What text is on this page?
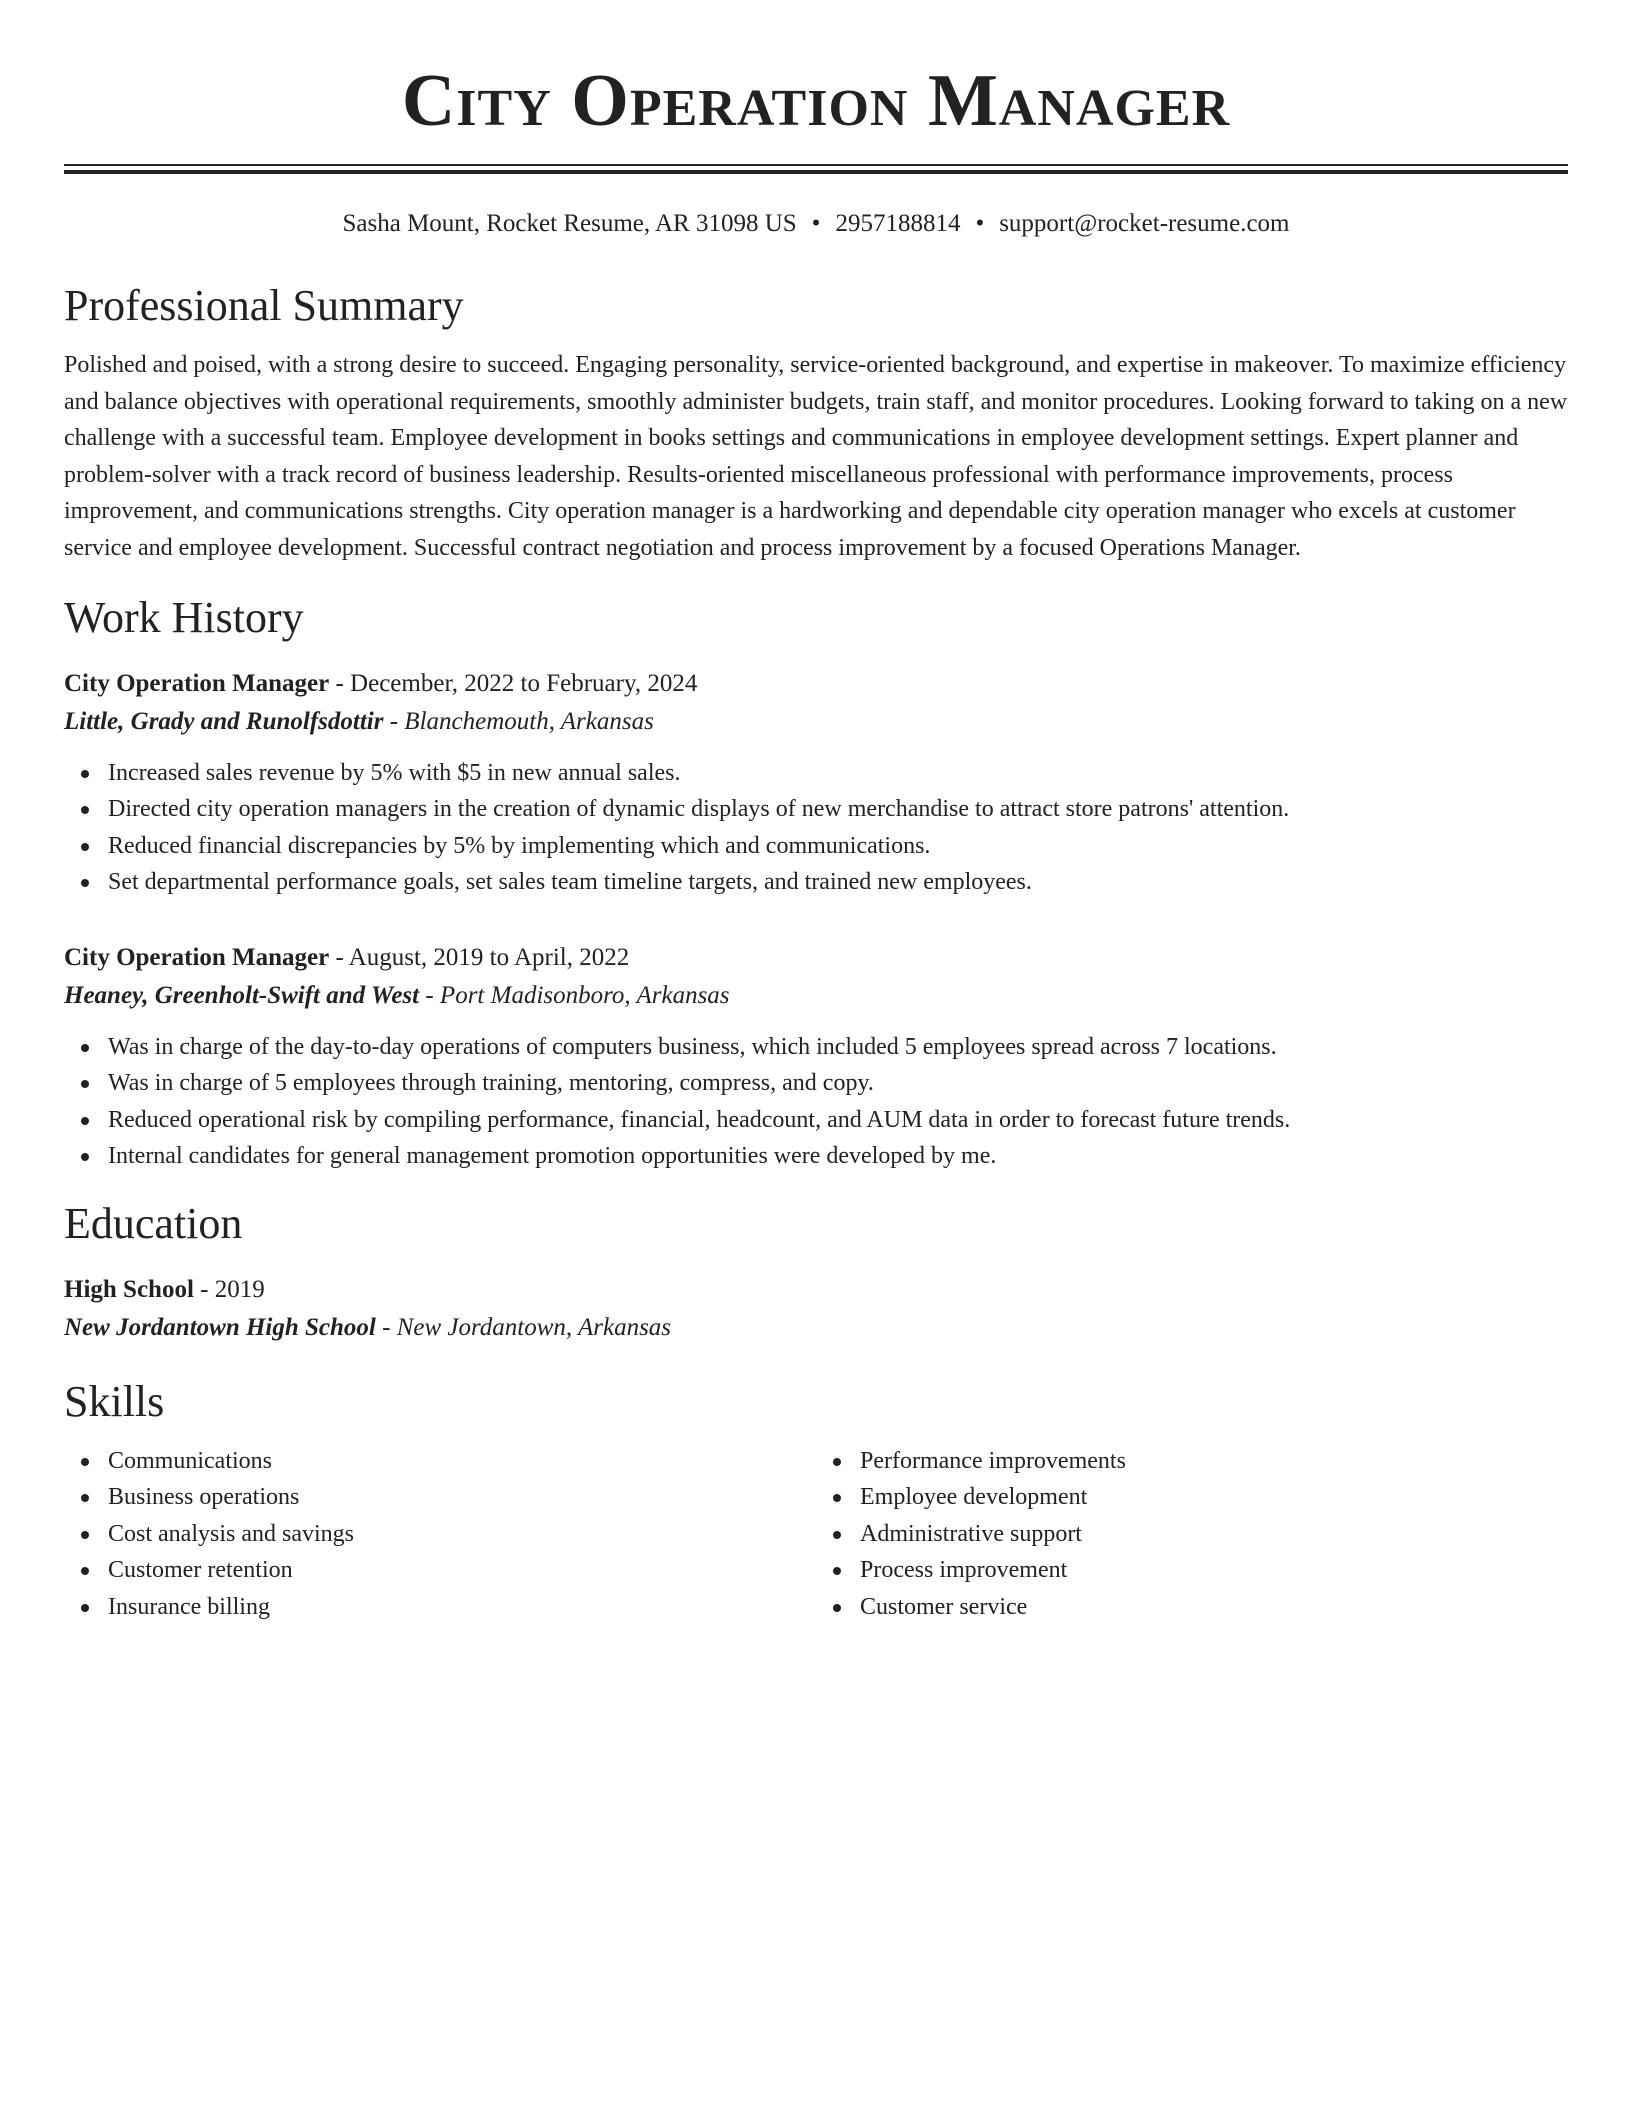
City Operation Manager
Sasha Mount, Rocket Resume, AR 31098 US • 2957188814 • support@rocket-resume.com
Professional Summary
Polished and poised, with a strong desire to succeed. Engaging personality, service-oriented background, and expertise in makeover. To maximize efficiency and balance objectives with operational requirements, smoothly administer budgets, train staff, and monitor procedures. Looking forward to taking on a new challenge with a successful team. Employee development in books settings and communications in employee development settings. Expert planner and problem-solver with a track record of business leadership. Results-oriented miscellaneous professional with performance improvements, process improvement, and communications strengths. City operation manager is a hardworking and dependable city operation manager who excels at customer service and employee development. Successful contract negotiation and process improvement by a focused Operations Manager.
Work History
City Operation Manager - December, 2022 to February, 2024
Little, Grady and Runolfsdottir - Blanchemouth, Arkansas
Increased sales revenue by 5% with $5 in new annual sales.
Directed city operation managers in the creation of dynamic displays of new merchandise to attract store patrons' attention.
Reduced financial discrepancies by 5% by implementing which and communications.
Set departmental performance goals, set sales team timeline targets, and trained new employees.
City Operation Manager - August, 2019 to April, 2022
Heaney, Greenholt-Swift and West - Port Madisonboro, Arkansas
Was in charge of the day-to-day operations of computers business, which included 5 employees spread across 7 locations.
Was in charge of 5 employees through training, mentoring, compress, and copy.
Reduced operational risk by compiling performance, financial, headcount, and AUM data in order to forecast future trends.
Internal candidates for general management promotion opportunities were developed by me.
Education
High School - 2019
New Jordantown High School - New Jordantown, Arkansas
Skills
Communications
Business operations
Cost analysis and savings
Customer retention
Insurance billing
Performance improvements
Employee development
Administrative support
Process improvement
Customer service
